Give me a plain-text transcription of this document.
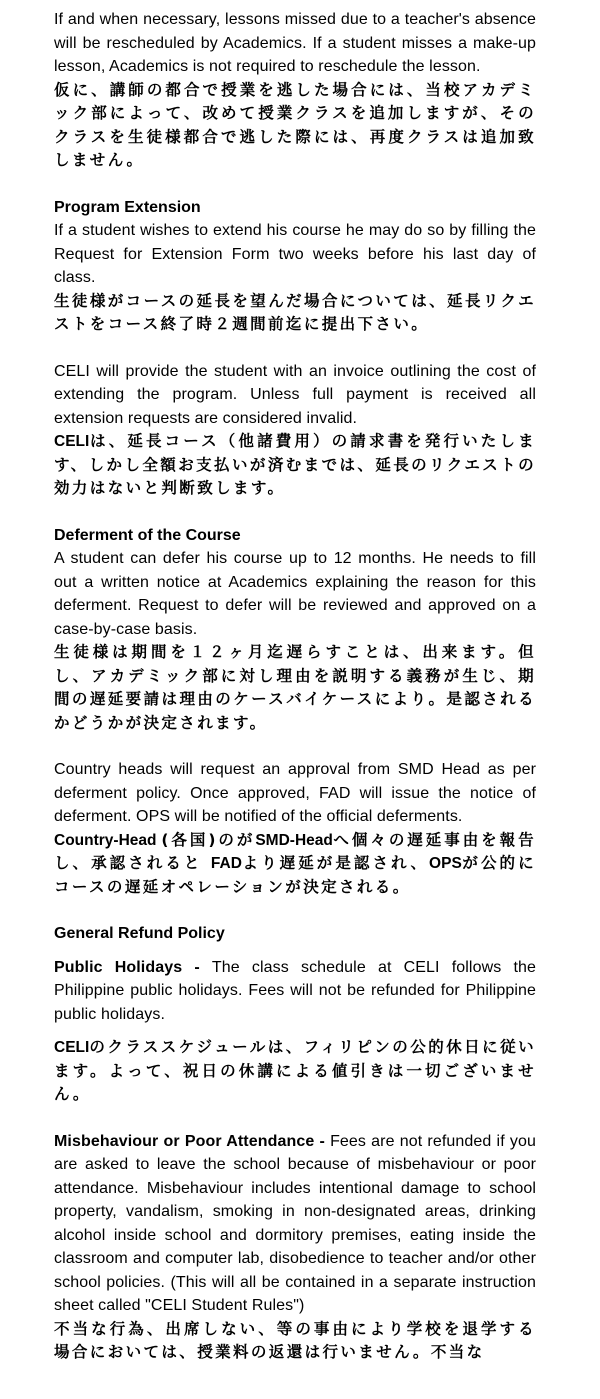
If and when necessary, lessons missed due to a teacher's absence will be rescheduled by Academics. If a student misses a make-up lesson, Academics is not required to reschedule the lesson.

仮に、講師の都合で授業を逃した場合には、当校アカデミック部によって、改めて授業クラスを追加しますが、そのクラスを生徒様都合で逃した際には、再度クラスは追加致しません。

Program Extension

If a student wishes to extend his course he may do so by filling the Request for Extension Form two weeks before his last day of class.

生徒様がコースの延長を望んだ場合については、延長リクエストをコース終了時２週間前迄に提出下さい。

CELI will provide the student with an invoice outlining the cost of extending the program. Unless full payment is received all extension requests are considered invalid.

CELIは、延長コース（他諸費用）の請求書を発行いたします、しかし全額お支払いが済むまでは、延長のリクエストの効力はないと判断致します。

Deferment of the Course

A student can defer his course up to 12 months. He needs to fill out a written notice at Academics explaining the reason for this deferment. Request to defer will be reviewed and approved on a case-by-case basis.

生徒様は期間を１２ヶ月迄遅らすことは、出来ます。但し、アカデミック部に対し理由を説明する義務が生じ、期間の遅延要請は理由のケースバイケースにより。是認されるかどうかが決定されます。

Country heads will request an approval from SMD Head as per deferment policy. Once approved, FAD will issue the notice of deferment. OPS will be notified of the official deferments.

Country-Head (各国)のがSMD-Headへ個々の遅延事由を報告し、承認されると FADより遅延が是認され、OPSが公的にコースの遅延オペレーションが決定される。

General Refund Policy

Public Holidays - The class schedule at CELI follows the Philippine public holidays. Fees will not be refunded for Philippine public holidays.

CELIのクラススケジュールは、フィリピンの公的休日に従います。よって、祝日の休講による値引きは一切ございません。

Misbehaviour or Poor Attendance - Fees are not refunded if you are asked to leave the school because of misbehaviour or poor attendance. Misbehaviour includes intentional damage to school property, vandalism, smoking in non-designated areas, drinking alcohol inside school and dormitory premises, eating inside the classroom and computer lab, disobedience to teacher and/or other school policies. (This will all be contained in a separate instruction sheet called "CELI Student Rules")

不当な行為、出席しない、等の事由により学校を退学する場合においては、授業料の返還は行いません。不当な
